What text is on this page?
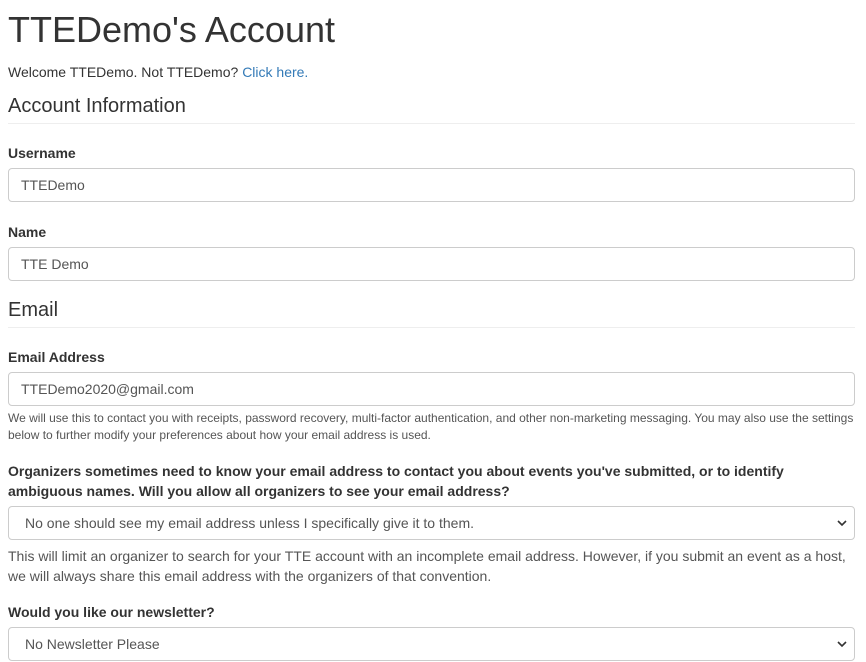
TTEDemo's Account
Welcome TTEDemo. Not TTEDemo? Click here.
Account Information
Username
TTEDemo
Name
TTE Demo
Email
Email Address
TTEDemo2020@gmail.com
We will use this to contact you with receipts, password recovery, multi-factor authentication, and other non-marketing messaging. You may also use the settings below to further modify your preferences about how your email address is used.
Organizers sometimes need to know your email address to contact you about events you've submitted, or to identify ambiguous names. Will you allow all organizers to see your email address?
No one should see my email address unless I specifically give it to them.
This will limit an organizer to search for your TTE account with an incomplete email address. However, if you submit an event as a host, we will always share this email address with the organizers of that convention.
Would you like our newsletter?
No Newsletter Please
